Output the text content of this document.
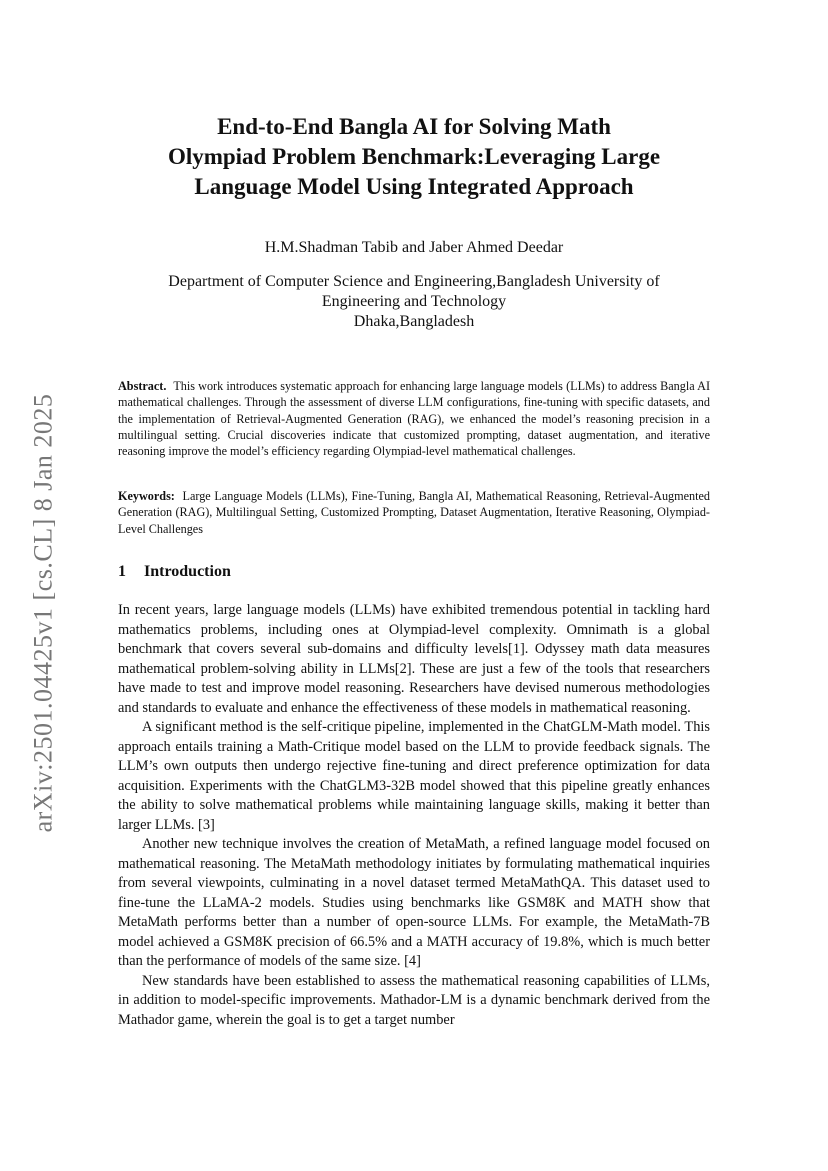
arXiv:2501.04425v1 [cs.CL] 8 Jan 2025
End-to-End Bangla AI for Solving Math
Olympiad Problem Benchmark:Leveraging Large
Language Model Using Integrated Approach
H.M.Shadman Tabib and Jaber Ahmed Deedar
Department of Computer Science and Engineering,Bangladesh University of
Engineering and Technology
Dhaka,Bangladesh

Abstract. This work introduces systematic approach for enhancing large language models (LLMs) to address Bangla AI mathematical challenges. Through the assessment of diverse LLM configurations, fine-tuning with specific datasets, and the implementation of Retrieval-Augmented Generation (RAG), we enhanced the model’s reasoning precision in a multilingual setting. Crucial discoveries indicate that customized prompting, dataset augmentation, and iterative reasoning improve the model’s efficiency regarding Olympiad-level mathematical challenges.

Keywords: Large Language Models (LLMs), Fine-Tuning, Bangla AI, Mathematical Reasoning, Retrieval-Augmented Generation (RAG), Multilingual Setting, Customized Prompting, Dataset Augmentation, Iterative Reasoning, Olympiad-Level Challenges

1 Introduction

In recent years, large language models (LLMs) have exhibited tremendous potential in tackling hard mathematics problems, including ones at Olympiad-level complexity. Omnimath is a global benchmark that covers several sub-domains and difficulty levels[1]. Odyssey math data measures mathematical problem-solving ability in LLMs[2]. These are just a few of the tools that researchers have made to test and improve model reasoning. Researchers have devised numerous methodologies and standards to evaluate and enhance the effectiveness of these models in mathematical reasoning.

A significant method is the self-critique pipeline, implemented in the ChatGLM-Math model. This approach entails training a Math-Critique model based on the LLM to provide feedback signals. The LLM’s own outputs then undergo rejective fine-tuning and direct preference optimization for data acquisition. Experiments with the ChatGLM3-32B model showed that this pipeline greatly enhances the ability to solve mathematical problems while maintaining language skills, making it better than larger LLMs. [3]

Another new technique involves the creation of MetaMath, a refined language model focused on mathematical reasoning. The MetaMath methodology initiates by formulating mathematical inquiries from several viewpoints, culminating in a novel dataset termed MetaMathQA. This dataset used to fine-tune the LLaMA-2 models. Studies using benchmarks like GSM8K and MATH show that MetaMath performs better than a number of open-source LLMs. For example, the MetaMath-7B model achieved a GSM8K precision of 66.5% and a MATH accuracy of 19.8%, which is much better than the performance of models of the same size. [4]

New standards have been established to assess the mathematical reasoning capabilities of LLMs, in addition to model-specific improvements. Mathador-LM is a dynamic benchmark derived from the Mathador game, wherein the goal is to get a target number
